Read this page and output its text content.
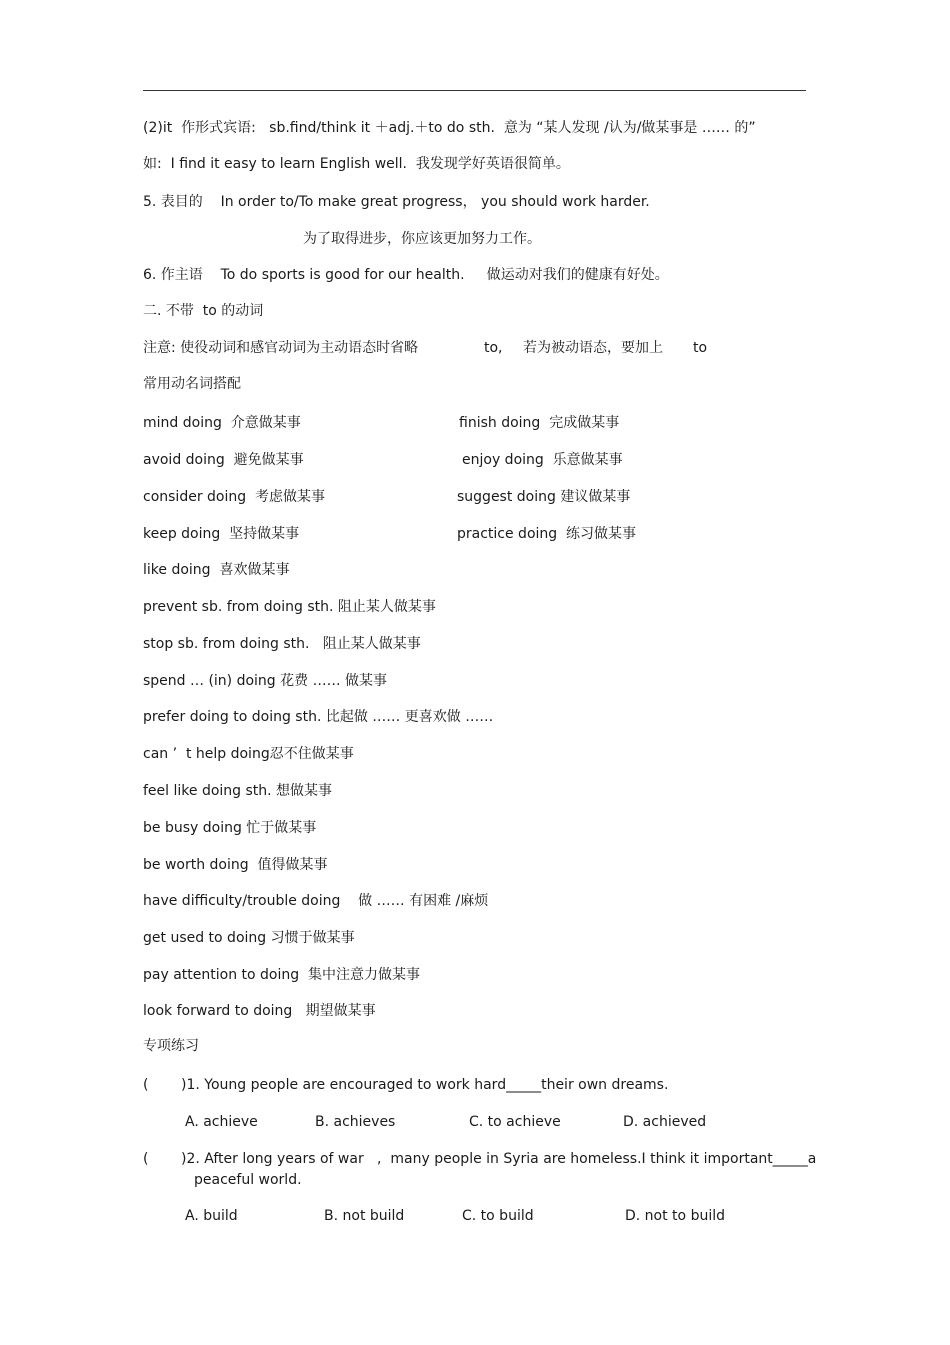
(2)it  作形式宾语:   sb.find/think it ＋adj.＋to do sth.  意为 “某人发现 /认为/做某事是 …… 的”
如:  I find it easy to learn English well.  我发现学好英语很简单。
5. 表目的    In order to/To make great progress， you should work harder.
为了取得进步，你应该更加努力工作。
6. 作主语    To do sports is good for our health.     做运动对我们的健康有好处。
二. 不带  to 的动词
注意: 使役动词和感官动词为主动语态时省略	to, 若为被动语态，要加上 to
常用动名词搭配
mind doing  介意做某事	finish doing  完成做某事
avoid doing  避免做某事	enjoy doing  乐意做某事
consider doing  考虑做某事	suggest doing 建议做某事
keep doing  坚持做某事	practice doing  练习做某事
like doing  喜欢做某事
prevent sb. from doing sth. 阻止某人做某事
stop sb. from doing sth.   阻止某人做某事
spend … (in) doing 花费 …… 做某事
prefer doing to doing sth. 比起做 …… 更喜欢做 ……
can ’  t help doing忍不住做某事
feel like doing sth. 想做某事
be busy doing 忙于做某事
be worth doing  值得做某事
have difficulty/trouble doing    做 …… 有困难 /麻烦
get used to doing 习惯于做某事
pay attention to doing  集中注意力做某事
look forward to doing   期望做某事
专项练习
( )1. Young people are encouraged to work hard_____their own dreams.
A. achieve	B. achieves	C. to achieve	D. achieved
( )2. After long years of war   ,  many people in Syria are homeless.I think it important_____a
peaceful world.
A. build	B. not build	C. to build	D. not to build
